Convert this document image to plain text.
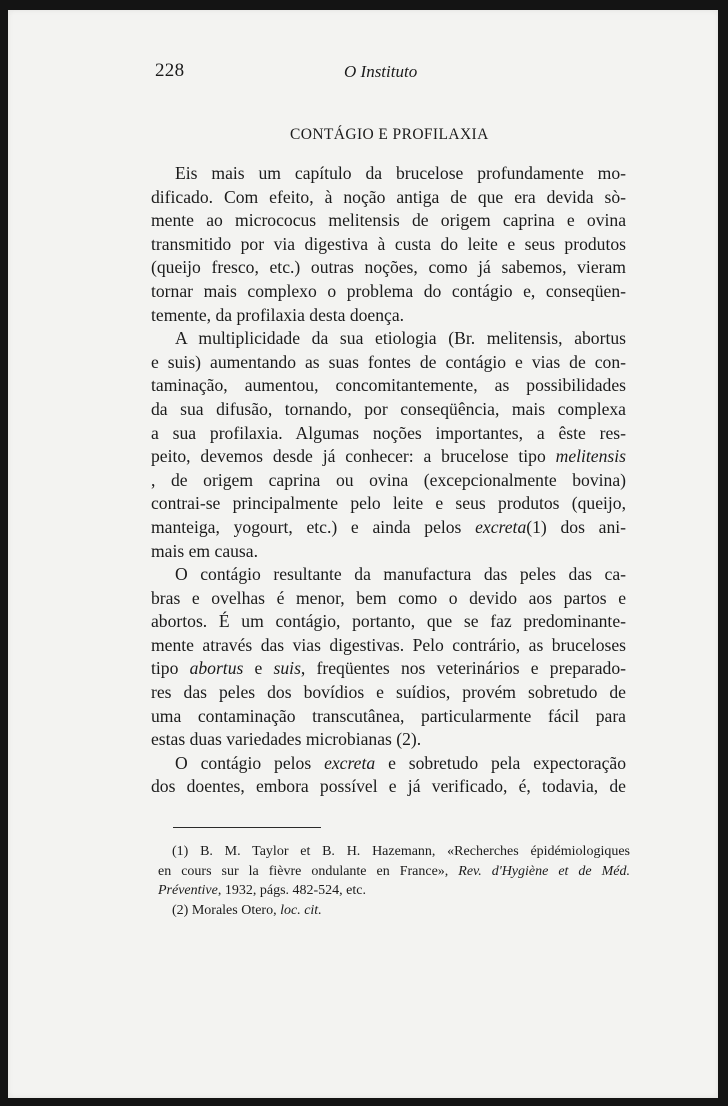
228	O Instituto
CONTÁGIO E PROFILAXIA
Eis mais um capítulo da brucelose profundamente mo-
dificado. Com efeito, à noção antiga de que era devida sò-
mente ao micrococus melitensis de origem caprina e ovina
transmitido por via digestiva à custa do leite e seus produtos
(queijo fresco, etc.) outras noções, como já sabemos, vieram
tornar mais complexo o problema do contágio e, conseqüen-
temente, da profilaxia desta doença.
A multiplicidade da sua etiologia (Br. melitensis, abortus
e suis) aumentando as suas fontes de contágio e vias de con-
taminação, aumentou, concomitantemente, as possibilidades
da sua difusão, tornando, por conseqüência, mais complexa
a sua profilaxia. Algumas noções importantes, a êste res-
peito, devemos desde já conhecer: a brucelose tipo melitensis
, de origem caprina ou ovina (excepcionalmente bovina)
contrai-se principalmente pelo leite e seus produtos (queijo,
manteiga, yogourt, etc.) e ainda pelos excreta(1) dos ani-
mais em causa.
O contágio resultante da manufactura das peles das ca-
bras e ovelhas é menor, bem como o devido aos partos e
abortos. É um contágio, portanto, que se faz predominante-
mente através das vias digestivas. Pelo contrário, as bruceloses
tipo abortus e suis, freqüentes nos veterinários e preparado-
res das peles dos bovídios e suídios, provém sobretudo de
uma contaminação transcutânea, particularmente fácil para
estas duas variedades microbianas (2).
O contágio pelos excreta e sobretudo pela expectoração
dos doentes, embora possível e já verificado, é, todavia, de
(1) B. M. Taylor et B. H. Hazemann, «Recherches épidémiologiques
en cours sur la fièvre ondulante en France», Rev. d'Hygiène et de Méd.
Préventive, 1932, págs. 482-524, etc.
(2) Morales Otero, loc. cit.
